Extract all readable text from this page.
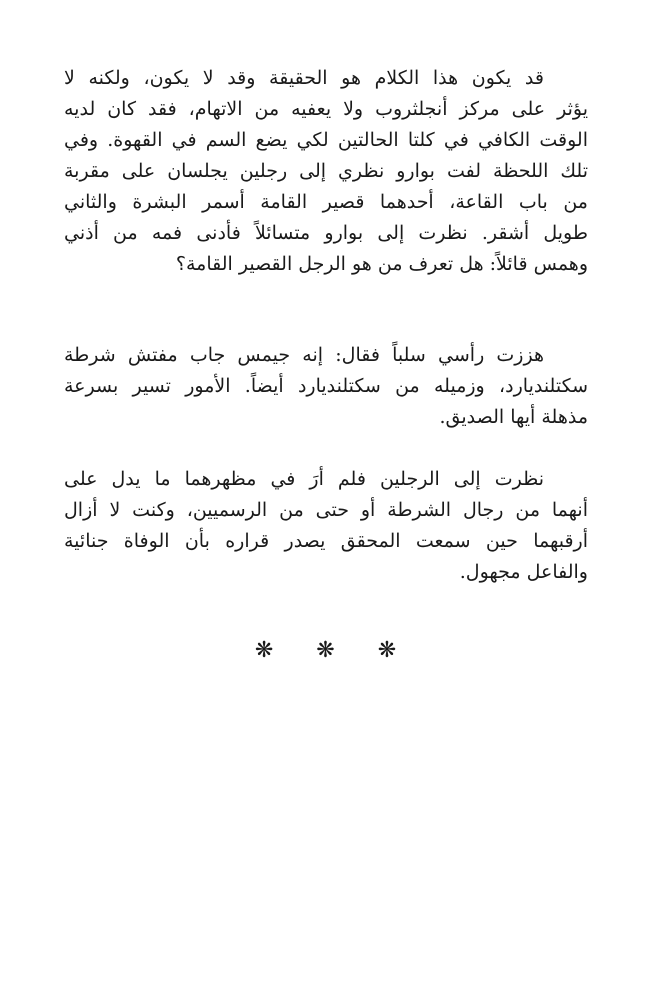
قد يكون هذا الكلام هو الحقيقة وقد لا يكون، ولكنه لا
يؤثر على مركز أنجلثروب ولا يعفيه من الاتهام، فقد كان لديه
الوقت الكافي في كلتا الحالتين لكي يضع السم في القهوة. وفي
تلك اللحظة لفت بوارو نظري إلى رجلين يجلسان على مقربة
من باب القاعة، أحدهما قصير القامة أسمر البشرة والثاني
طويل أشقر. نظرت إلى بوارو متسائلاً فأدنى فمه من أذني
وهمس قائلاً: هل تعرف من هو الرجل القصير القامة؟
هززت رأسي سلباً فقال: إنه جيمس جاب مفتش شرطة
سكتلنديارد، وزميله من سكتلنديارد أيضاً. الأمور تسير بسرعة
مذهلة أيها الصديق.
نظرت إلى الرجلين فلم أرَ في مظهرهما ما يدل على
أنهما من رجال الشرطة أو حتى من الرسميين، وكنت لا أزال
أرقبهما حين سمعت المحقق يصدر قراره بأن الوفاة جنائية
والفاعل مجهول.
❋ ❋ ❋
